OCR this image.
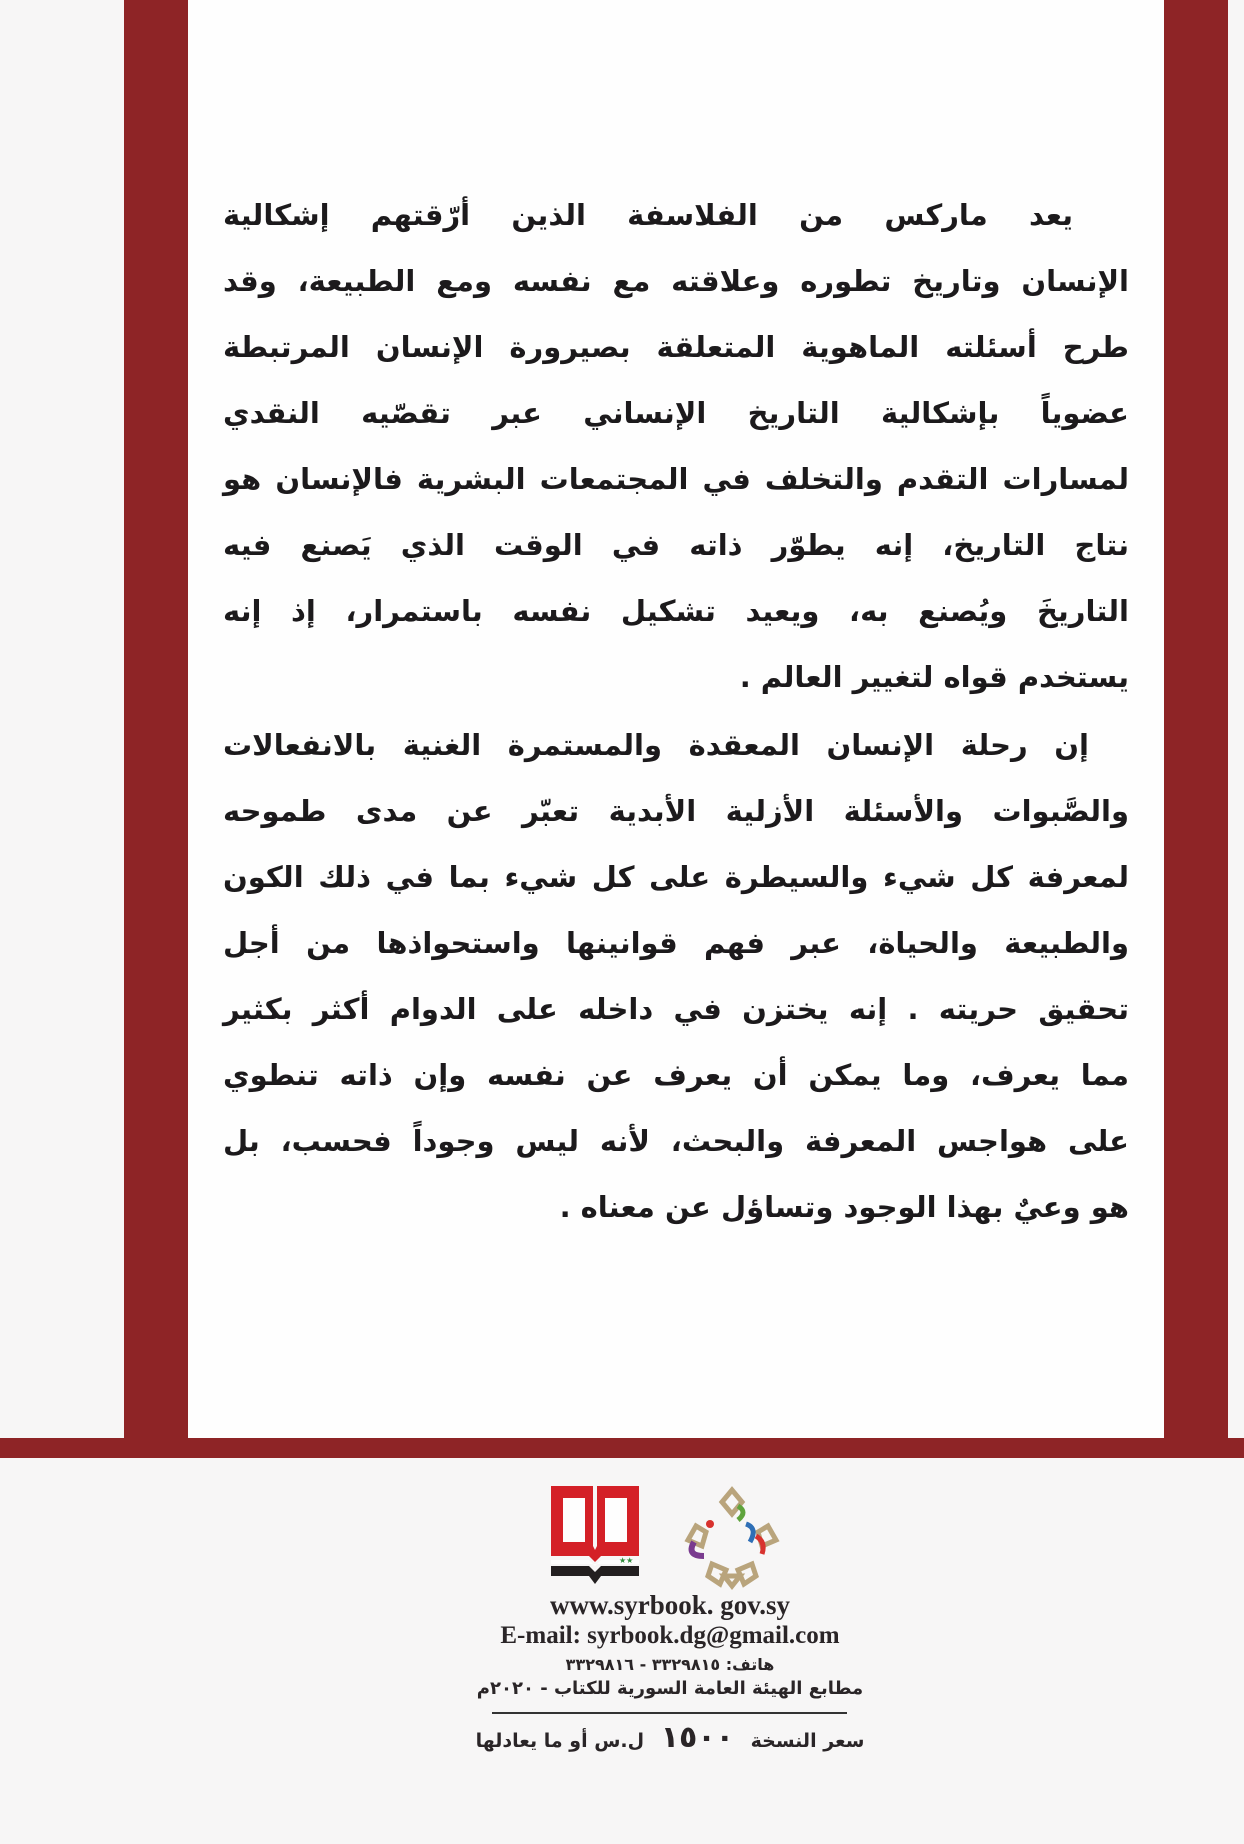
يعد ماركس من الفلاسفة الذين أرّقتهم إشكالية
الإنسان وتاريخ تطوره وعلاقته مع نفسه ومع الطبيعة، وقد
طرح أسئلته الماهوية المتعلقة بصيرورة الإنسان المرتبطة
عضوياً بإشكالية التاريخ الإنساني عبر تقصّيه النقدي
لمسارات التقدم والتخلف في المجتمعات البشرية فالإنسان هو
نتاج التاريخ، إنه يطوّر ذاته في الوقت الذي يَصنع فيه
التاريخَ ويُصنع به، ويعيد تشكيل نفسه باستمرار، إذ إنه
يستخدم قواه لتغيير العالم .
إن رحلة الإنسان المعقدة والمستمرة الغنية بالانفعالات
والصَّبوات والأسئلة الأزلية الأبدية تعبّر عن مدى طموحه
لمعرفة كل شيء والسيطرة على كل شيء بما في ذلك الكون
والطبيعة والحياة، عبر فهم قوانينها واستحواذها من أجل
تحقيق حريته . إنه يختزن في داخله على الدوام أكثر بكثير
مما يعرف، وما يمكن أن يعرف عن نفسه وإن ذاته تنطوي
على هواجس المعرفة والبحث، لأنه ليس وجوداً فحسب، بل
هو وعيٌ بهذا الوجود وتساؤل عن معناه .
★★
www.syrbook. gov.sy
E-mail: syrbook.dg@gmail.com
هاتف: ٣٣٢٩٨١٥ - ٣٣٢٩٨١٦
مطابع الهيئة العامة السورية للكتاب - ٢٠٢٠م
سعر النسخة ١٥٠٠ ل.س أو ما يعادلها
